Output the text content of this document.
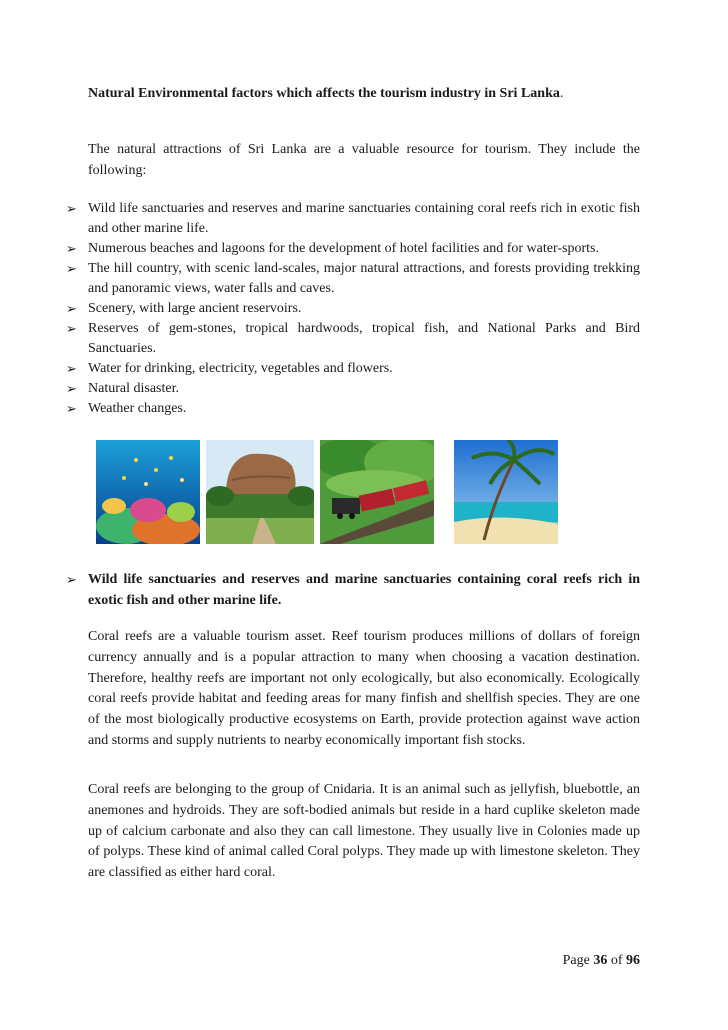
Natural Environmental factors which affects the tourism industry in Sri Lanka.

The natural attractions of Sri Lanka are a valuable resource for tourism. They include the following:

➢ Wild life sanctuaries and reserves and marine sanctuaries containing coral reefs rich in exotic fish and other marine life.
➢ Numerous beaches and lagoons for the development of hotel facilities and for water-sports.
➢ The hill country, with scenic land-scales, major natural attractions, and forests providing trekking and panoramic views, water falls and caves.
➢ Scenery, with large ancient reservoirs.
➢ Reserves of gem-stones, tropical hardwoods, tropical fish, and National Parks and Bird Sanctuaries.
➢ Water for drinking, electricity, vegetables and flowers.
➢ Natural disaster.
➢ Weather changes.
➢ Wild life sanctuaries and reserves and marine sanctuaries containing coral reefs rich in exotic fish and other marine life.

Coral reefs are a valuable tourism asset. Reef tourism produces millions of dollars of foreign currency annually and is a popular attraction to many when choosing a vacation destination. Therefore, healthy reefs are important not only ecologically, but also economically. Ecologically coral reefs provide habitat and feeding areas for many finfish and shellfish species. They are one of the most biologically productive ecosystems on Earth, provide protection against wave action and storms and supply nutrients to nearby economically important fish stocks.

Coral reefs are belonging to the group of Cnidaria. It is an animal such as jellyfish, bluebottle, an anemones and hydroids. They are soft-bodied animals but reside in a hard cuplike skeleton made up of calcium carbonate and also they can call limestone. They usually live in Colonies made up of polyps. These kind of animal called Coral polyps. They made up with limestone skeleton. They are classified as either hard coral.

Page 36 of 96
